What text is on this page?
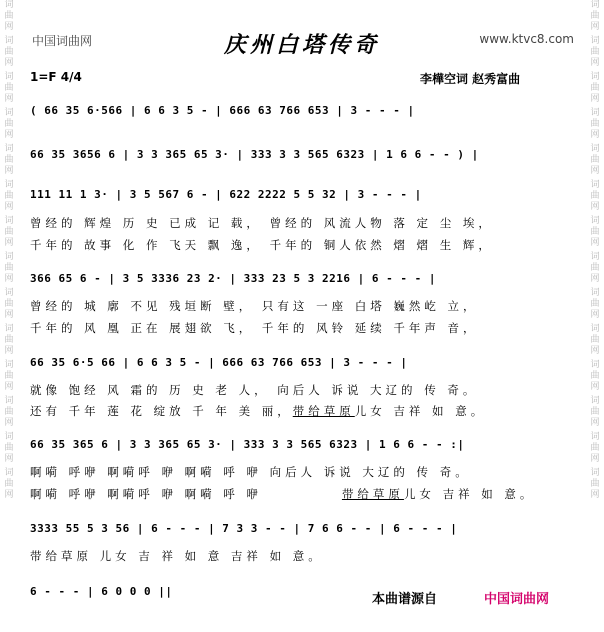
词
曲
网
词
曲
网
词
曲
网
词
曲
网
词
曲
网
词
曲
网
词
曲
网
词
曲
网
词
曲
网
词
曲
网
词
曲
网
词
曲
网
词
曲
网
词
曲
网
词
曲
网
词
曲
网
词
曲
网
词
曲
网
词
曲
网
词
曲
网
词
曲
网
词
曲
网
词
曲
网
词
曲
网
词
曲
网
词
曲
网
词
曲
网
词
曲
网
中国词曲网	庆州白塔传奇	www.ktvc8.com
1=F 4/4	李樺空词 赵秀富曲
( 66 35 6·566 | 6 6 3 5 - | 666 63 766 653 | 3 - - - |
66 35 3656 6 | 3 3 365 65 3· | 333 3 3 565 6323 | 1 6 6 - - ) |
111 11 1 3· | 3 5 567 6 - | 622 2222 5 5 32 | 3 - - - |
曾经的 辉煌 历 史 已成 记 载， 曾经的 风流人物 落 定 尘 埃，
千年的 故事 化 作 飞天 飘 逸， 千年的 铜人依然 熠 熠 生 辉，
366 65 6 - | 3 5 3336 23 2· | 333 23 5 3 2216 | 6 - - - |
曾经的 城 廓 不见 残垣断 壁， 只有这 一座 白塔 巍然屹 立，
千年的 风 凰 正在 展翅欲 飞， 千年的 风铃 延续 千年声 音，
66 35 6·5 66 | 6 6 3 5 - | 666 63 766 653 | 3 - - - |
就像 饱经 风 霜的 历 史 老 人， 向后人 诉说 大辽的 传 奇。
还有 千年 莲 花 绽放 千 年 美 丽，带给草原儿女 吉祥 如 意。
66 35 365 6 | 3 3 365 65 3· | 333 3 3 565 6323 | 1 6 6 - - :|
啊嗬 呼咿 啊嗬呼 咿 啊嗬 呼 咿 向后人 诉说 大辽的 传 奇。
啊嗬 呼咿 啊嗬呼 咿 啊嗬 呼 咿	带给草原儿女 吉祥 如 意。
3333 55 5 3 56 | 6 - - - | 7 3 3 - - | 7 6 6 - - | 6 - - - |
带给草原 儿女 吉 祥 如 意 吉祥 如 意。
6 - - - | 6 0 0 0 ||
本曲谱源自	中国词曲网
